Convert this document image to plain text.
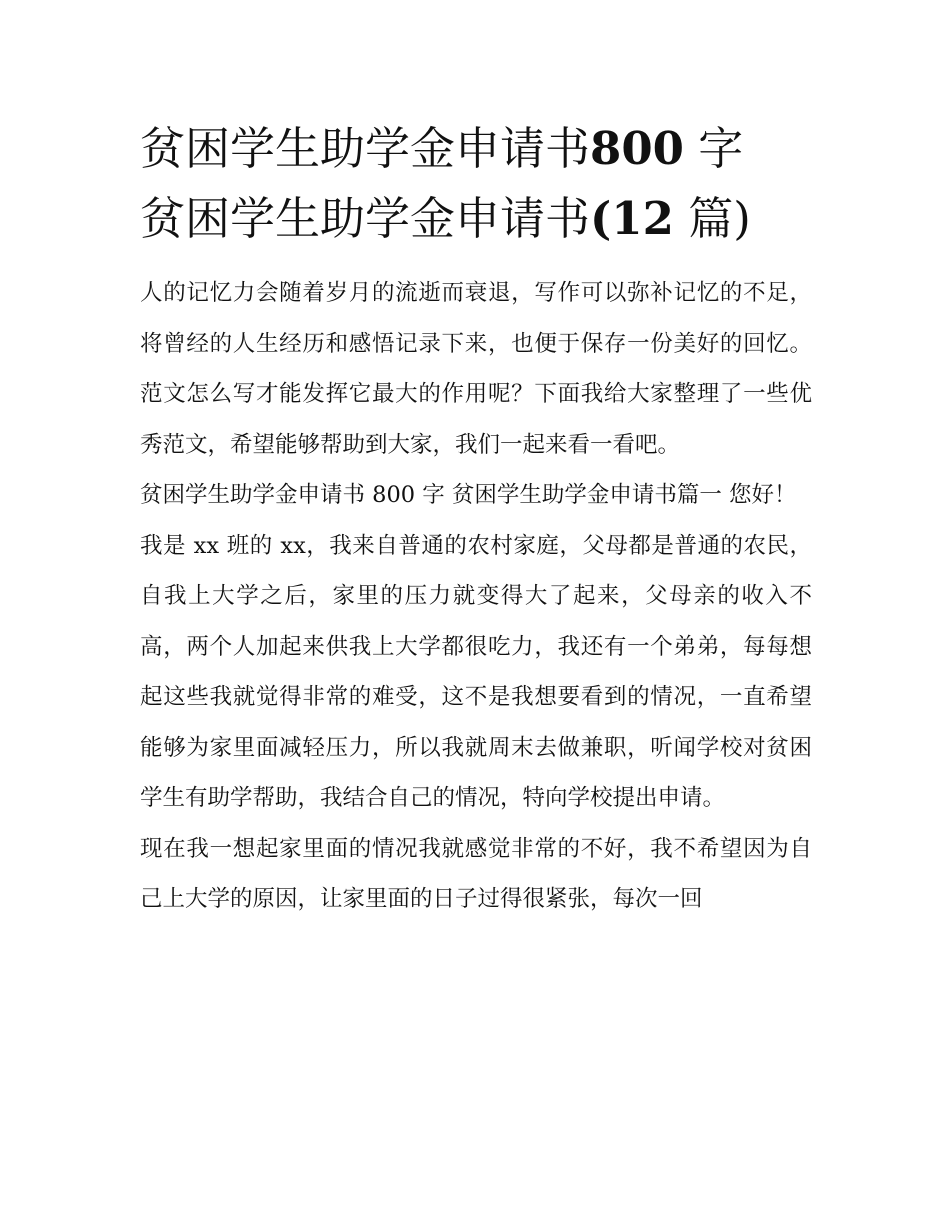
贫困学生助学金申请书800 字
贫困学生助学金申请书(12 篇)

人的记忆力会随着岁月的流逝而衰退，写作可以弥补记忆的不足，将曾经的人生经历和感悟记录下来，也便于保存一份美好的回忆。范文怎么写才能发挥它最大的作用呢？下面我给大家整理了一些优秀范文，希望能够帮助到大家，我们一起来看一看吧。

贫困学生助学金申请书 800 字 贫困学生助学金申请书篇一 您好！

我是 xx 班的 xx，我来自普通的农村家庭，父母都是普通的农民，自我上大学之后，家里的压力就变得大了起来，父母亲的收入不高，两个人加起来供我上大学都很吃力，我还有一个弟弟，每每想起这些我就觉得非常的难受，这不是我想要看到的情况，一直希望能够为家里面减轻压力，所以我就周末去做兼职，听闻学校对贫困学生有助学帮助，我结合自己的情况，特向学校提出申请。

现在我一想起家里面的情况我就感觉非常的不好，我不希望因为自己上大学的原因，让家里面的日子过得很紧张，每次一回
